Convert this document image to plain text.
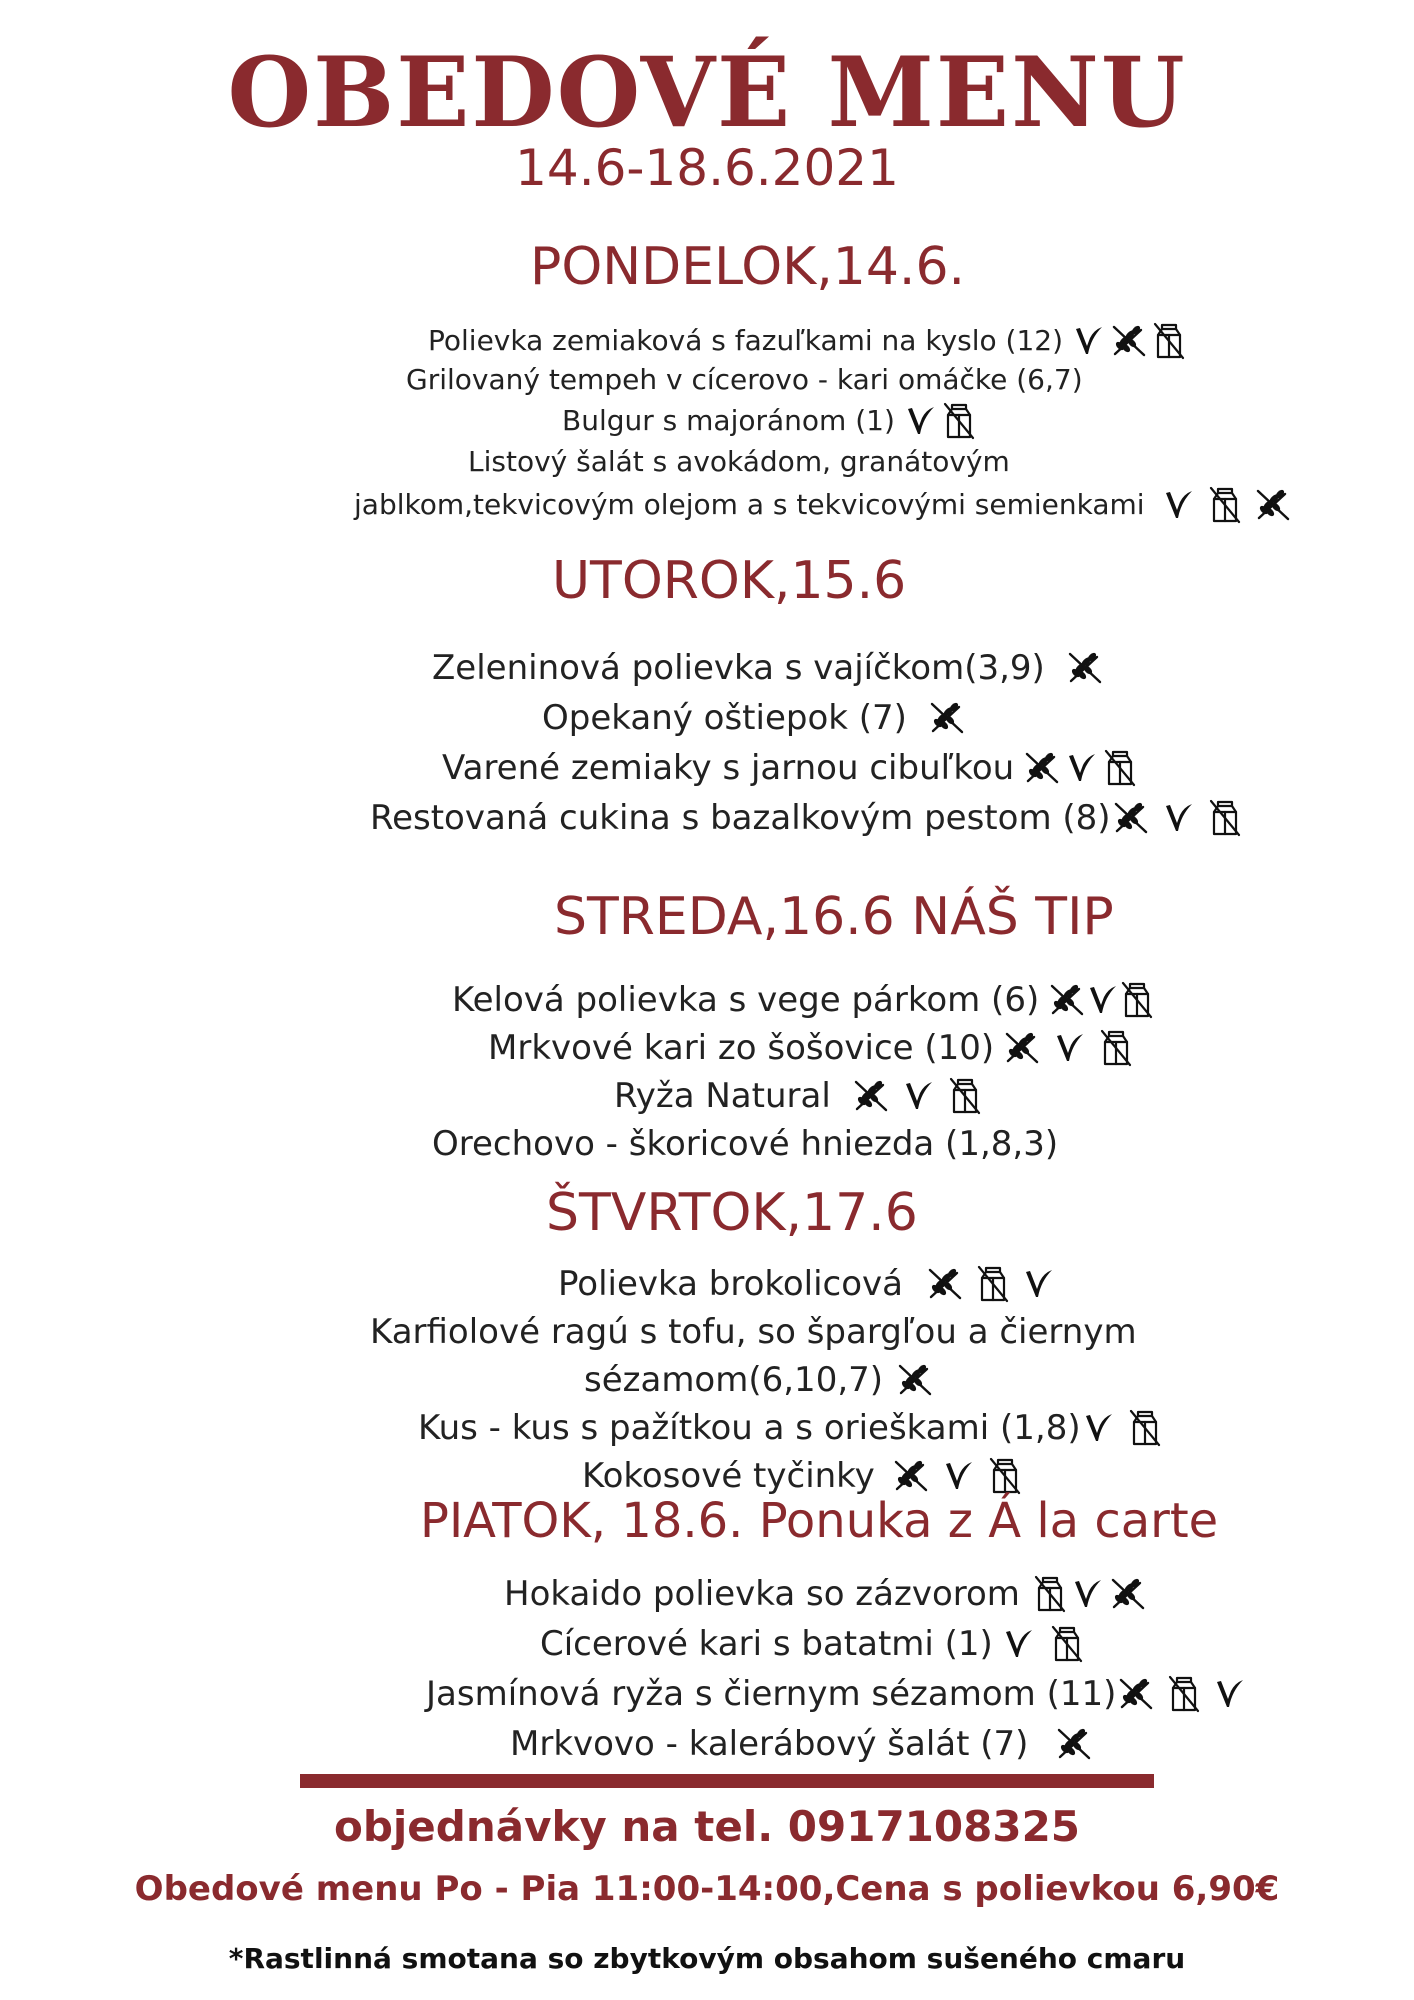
OBEDOVÉ MENU
14.6-18.6.2021
PONDELOK,14.6.
Polievka zemiaková s fazuľkami na kyslo (12)
Grilovaný tempeh v cícerovo - kari omáčke (6,7)
Bulgur s majoránom (1)
Listový šalát s avokádom, granátovým
jablkom,tekvicovým olejom a s tekvicovými semienkami
UTOROK,15.6
Zeleninová polievka s vajíčkom(3,9)
Opekaný oštiepok (7)
Varené zemiaky s jarnou cibuľkou
Restovaná cukina s bazalkovým pestom (8)
STREDA,16.6 NÁŠ TIP
Kelová polievka s vege párkom (6)
Mrkvové kari zo šošovice (10)
Ryža Natural
Orechovo - škoricové hniezda (1,8,3)
ŠTVRTOK,17.6
Polievka brokolicová
Karfiolové ragú s tofu, so špargľou a čiernym
sézamom(6,10,7)
Kus - kus s pažítkou a s orieškami (1,8)
Kokosové tyčinky
PIATOK, 18.6. Ponuka z Á la carte
Hokaido polievka so zázvorom
Cícerové kari s batatmi (1)
Jasmínová ryža s čiernym sézamom (11)
Mrkvovo - kalerábový šalát (7)
objednávky na tel. 0917108325
Obedové menu Po - Pia 11:00-14:00,Cena s polievkou 6,90€
*Rastlinná smotana so zbytkovým obsahom sušeného cmaru
